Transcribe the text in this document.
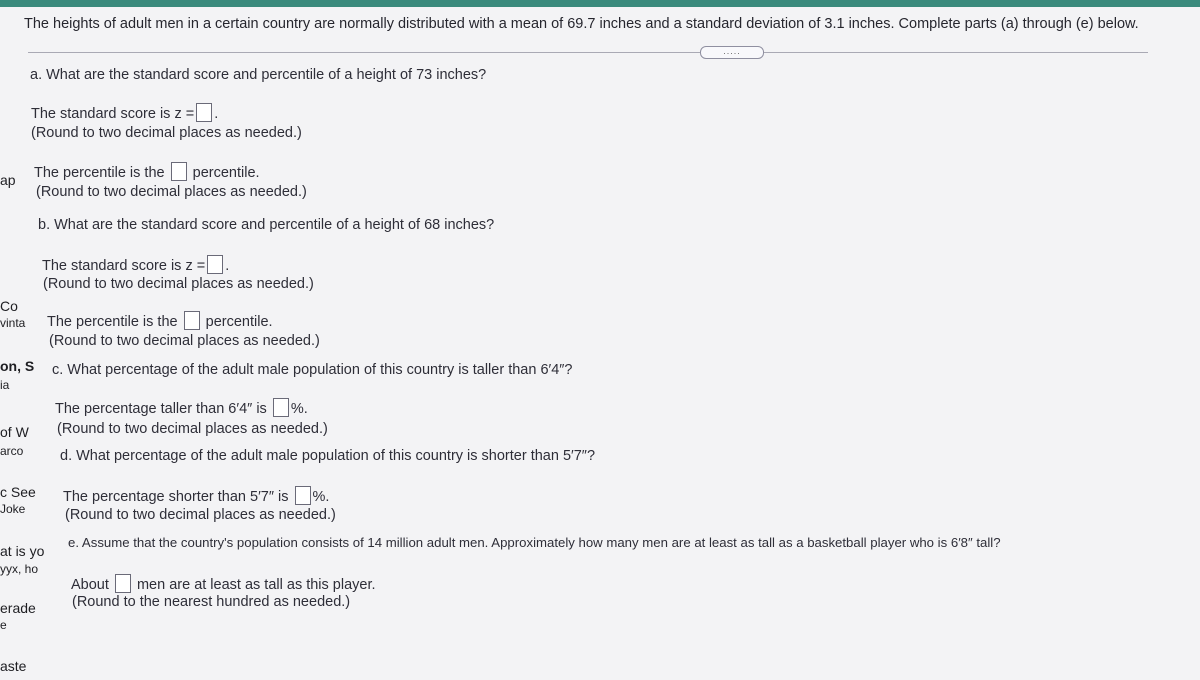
ap
Co
vinta
on, S
ia
of W
arco
c See
Joke
at is yo
yyx, ho
erade
e
aste
The heights of adult men in a certain country are normally distributed with a mean of 69.7 inches and a standard deviation of 3.1 inches. Complete parts (a) through (e) below.
.....
a. What are the standard score and percentile of a height of 73 inches?
The standard score is z = .
(Round to two decimal places as needed.)
The percentile is the percentile.
(Round to two decimal places as needed.)
b. What are the standard score and percentile of a height of 68 inches?
The standard score is z = .
(Round to two decimal places as needed.)
The percentile is the percentile.
(Round to two decimal places as needed.)
c. What percentage of the adult male population of this country is taller than 6′4″?
The percentage taller than 6′4″ is %.
(Round to two decimal places as needed.)
d. What percentage of the adult male population of this country is shorter than 5′7″?
The percentage shorter than 5′7″ is %.
(Round to two decimal places as needed.)
e. Assume that the country's population consists of 14 million adult men. Approximately how many men are at least as tall as a basketball player who is 6′8″ tall?
About men are at least as tall as this player.
(Round to the nearest hundred as needed.)
